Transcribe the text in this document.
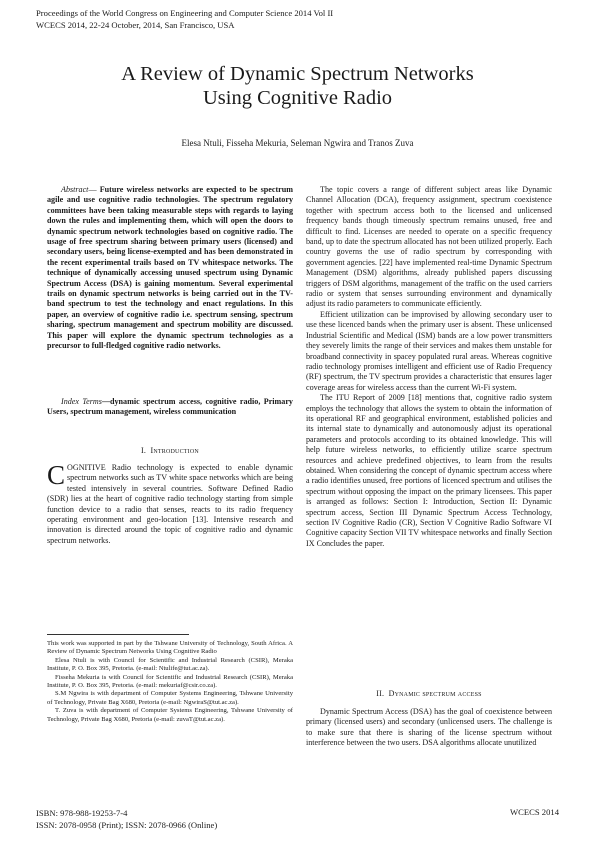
Proceedings of the World Congress on Engineering and Computer Science 2014 Vol II
WCECS 2014, 22-24 October, 2014, San Francisco, USA
A Review of Dynamic Spectrum Networks
Using Cognitive Radio
Elesa Ntuli, Fisseha Mekuria, Seleman Ngwira and Tranos Zuva
Abstract— Future wireless networks are expected to be spectrum agile and use cognitive radio technologies. The spectrum regulatory committees have been taking measurable steps with regards to laying down the rules and implementing them, which will open the doors to dynamic spectrum network technologies based on cognitive radio. The usage of free spectrum sharing between primary users (licensed) and secondary users, being license-exempted and has been demonstrated in the recent experimental trails based on TV whitespace networks. The technique of dynamically accessing unused spectrum using Dynamic Spectrum Access (DSA) is gaining momentum. Several experimental trails on dynamic spectrum networks is being carried out in the TV-band spectrum to test the technology and enact regulations. In this paper, an overview of cognitive radio i.e. spectrum sensing, spectrum sharing, spectrum management and spectrum mobility are discussed. This paper will explore the dynamic spectrum technologies as a precursor to full-fledged cognitive radio networks.
Index Terms—dynamic spectrum access, cognitive radio, Primary Users, spectrum management, wireless communication
I. Introduction
COGNITIVE Radio technology is expected to enable dynamic spectrum networks such as TV white space networks which are being tested intensively in several countries. Software Defined Radio (SDR) lies at the heart of cognitive radio technology starting from simple function device to a radio that senses, reacts to its radio frequency operating environment and geo-location [13]. Intensive research and innovation is directed around the topic of cognitive radio and dynamic spectrum networks.

This work was supported in part by the Tshwane University of Technology, South Africa. A Review of Dynamic Spectrum Networks Using Cognitive Radio

Elesa Ntuli is with Council for Scientific and Industrial Research (CSIR), Meraka Institute, P. O. Box 395, Pretoria. (e-mail: Ntulife@tut.ac.za).

Fisseha Mekuria is with Council for Scientific and Industrial Research (CSIR), Meraka Institute, P. O. Box 395, Pretoria. (e-mail: mekuriaf@csir.co.za).

S.M Ngwira is with department of Computer Systems Engineering, Tshwane University of Technology, Private Bag X680, Pretoria (e-mail: NgwiraS@tut.ac.za).

T. Zuva is with department of Computer Systems Engineering, Tshwane University of Technology, Private Bag X680, Pretoria (e-mail: zuvaT@tut.ac.za).

The topic covers a range of different subject areas like Dynamic Channel Allocation (DCA), frequency assignment, spectrum coexistence together with spectrum access both to the licensed and unlicensed frequency bands though timeously spectrum remains unused, free and difficult to find. Licenses are needed to operate on a specific frequency band, up to date the spectrum allocated has not been utilized properly. Each country governs the use of radio spectrum by corresponding with government agencies. [22] have implemented real-time Dynamic Spectrum Management (DSM) algorithms, already published papers discussing triggers of DSM algorithms, management of the traffic on the used carriers radio or system that senses surrounding environment and dynamically adjust its radio parameters to communicate efficiently.

Efficient utilization can be improvised by allowing secondary user to use these licenced bands when the primary user is absent. These unlicensed Industrial Scientific and Medical (ISM) bands are a low power transmitters they severely limits the range of their services and makes them unstable for broadband connectivity in spacey populated rural areas. Whereas cognitive radio technology promises intelligent and efficient use of Radio Frequency (RF) spectrum, the TV spectrum provides a characteristic that ensures lager coverage areas for wireless access than the current Wi-Fi system.

The ITU Report of 2009 [18] mentions that, cognitive radio system employs the technology that allows the system to obtain the information of its operational RF and geographical environment, established policies and its internal state to dynamically and autonomously adjust its operational parameters and protocols according to its obtained knowledge. This will help future wireless networks, to efficiently utilize scarce spectrum resources and achieve predefined objectives, to learn from the results obtained. When considering the concept of dynamic spectrum access where a radio identifies unused, free portions of licenced spectrum and utilises the spectrum without opposing the impact on the primary licensees. This paper is arranged as follows: Section I: Introduction, Section II: Dynamic spectrum access, Section III Dynamic Spectrum Access Technology, section IV Cognitive Radio (CR), Section V Cognitive Radio Software VI Cognitive capacity Section VII TV whitespace networks and finally Section IX Concludes the paper.

II. Dynamic spectrum access
Dynamic Spectrum Access (DSA) has the goal of coexistence between primary (licensed users) and secondary (unlicensed users. The challenge is to make sure that there is sharing of the license spectrum without interference between the two users. DSA algorithms allocate unutilized
ISBN: 978-988-19253-7-4
ISSN: 2078-0958 (Print); ISSN: 2078-0966 (Online)
WCECS 2014
